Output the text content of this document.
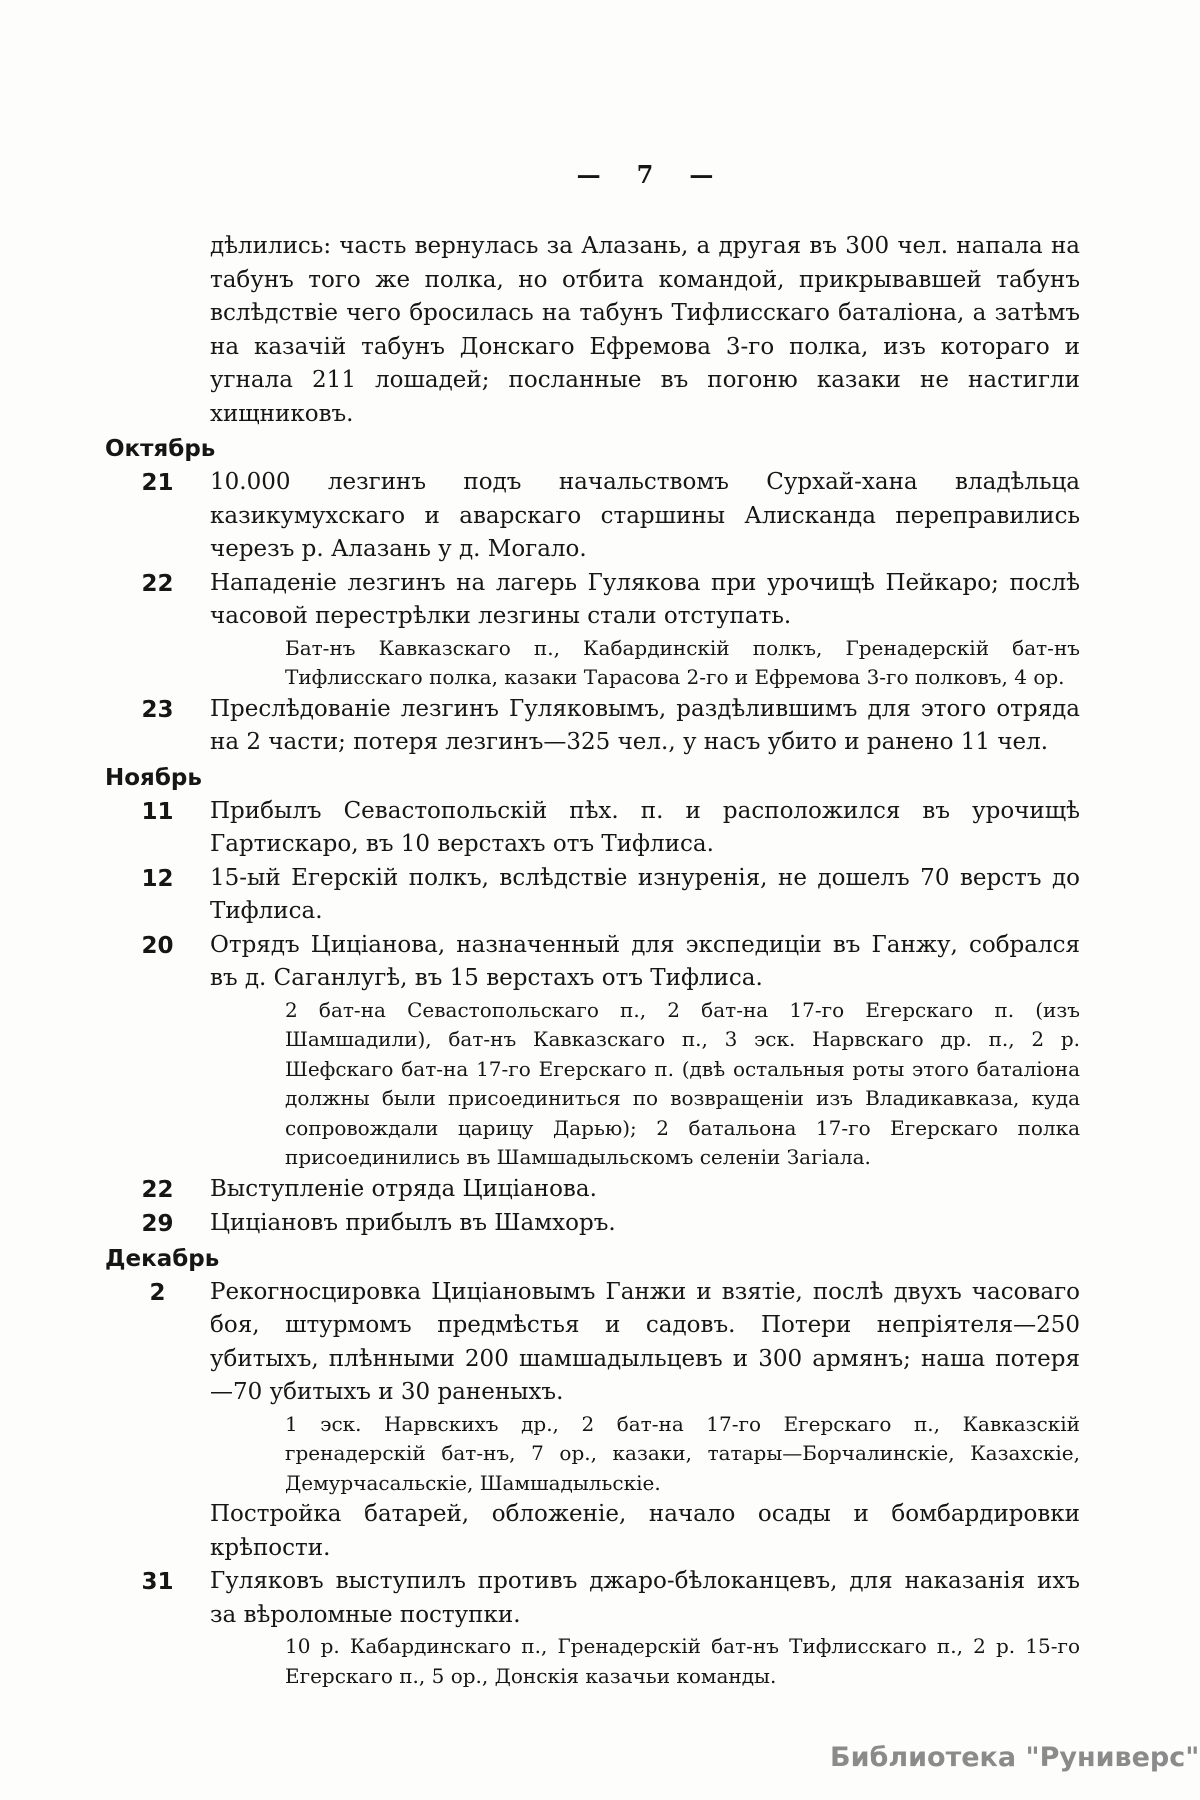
— 7 —

дѣлились: часть вернулась за Алазань, а другая въ 300 чел. напала на табунъ того же полка, но отбита командой, прикрывавшей табунъ вслѣдствіе чего бросилась на табунъ Тифлисскаго баталіона, а затѣмъ на казачій табунъ Донскаго Ефремова 3-го полка, изъ котораго и угнала 211 лошадей; посланные въ погоню казаки не настигли хищниковъ.

Октябрь
21	10.000 лезгинъ подъ начальствомъ Сурхай-хана владѣльца казикумухскаго и аварскаго старшины Алисканда переправились черезъ р. Алазань у д. Могало.

22	Нападеніе лезгинъ на лагерь Гулякова при урочищѣ Пейкаро; послѣ часовой перестрѣлки лезгины стали отступать.

Бат-нъ Кавказскаго п., Кабардинскій полкъ, Гренадерскій бат-нъ Тифлисскаго полка, казаки Тарасова 2-го и Ефремова 3-го полковъ, 4 ор.

23	Преслѣдованіе лезгинъ Гуляковымъ, раздѣлившимъ для этого отряда на 2 части; потеря лезгинъ—325 чел., у насъ убито и ранено 11 чел.

Ноябрь
11	Прибылъ Севастопольскій пѣх. п. и расположился въ урочищѣ Гартискаро, въ 10 верстахъ отъ Тифлиса.

12	15-ый Егерскій полкъ, вслѣдствіе изнуренія, не дошелъ 70 верстъ до Тифлиса.

20	Отрядъ Циціанова, назначенный для экспедиціи въ Ганжу, собрался въ д. Саганлугѣ, въ 15 верстахъ отъ Тифлиса.

2 бат-на Севастопольскаго п., 2 бат-на 17-го Егерскаго п. (изъ Шамшадили), бат-нъ Кавказскаго п., 3 эск. Нарвскаго др. п., 2 р. Шефскаго бат-на 17-го Егерскаго п. (двѣ остальныя роты этого баталіона должны были присоединиться по возвращеніи изъ Владикавказа, куда сопровождали царицу Дарью); 2 батальона 17-го Егерскаго полка присоединились въ Шамшадыльскомъ селеніи Загіала.

22	Выступленіе отряда Циціанова.

29	Циціановъ прибылъ въ Шамхоръ.

Декабрь
2	Рекогносцировка Циціановымъ Ганжи и взятіе, послѣ двухъ часоваго боя, штурмомъ предмѣстья и садовъ. Потери непріятеля—250 убитыхъ, плѣнными 200 шамшадыльцевъ и 300 армянъ; наша потеря—70 убитыхъ и 30 раненыхъ.

1 эск. Нарвскихъ др., 2 бат-на 17-го Егерскаго п., Кавказскій гренадерскій бат-нъ, 7 ор., казаки, татары—Борчалинскіе, Казахскіе, Демурчасальскіе, Шамшадыльскіе.

Постройка батарей, обложеніе, начало осады и бомбардировки крѣпости.

31	Гуляковъ выступилъ противъ джаро-бѣлоканцевъ, для наказанія ихъ за вѣроломные поступки.

10 р. Кабардинскаго п., Гренадерскій бат-нъ Тифлисскаго п., 2 р. 15-го Егерскаго п., 5 ор., Донскія казачьи команды.

Библиотека "Руниверс"
